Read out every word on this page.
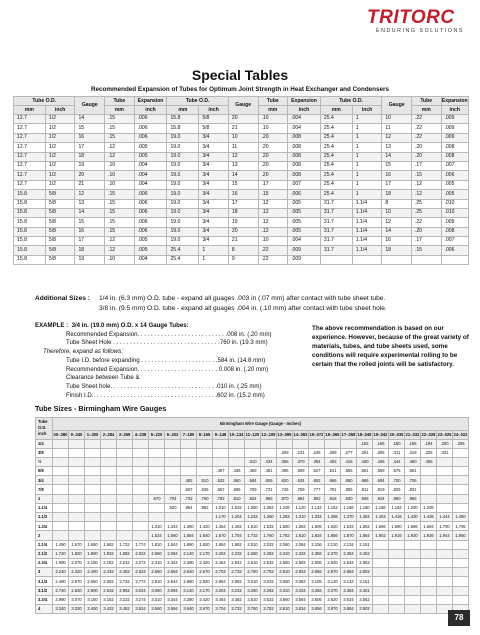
TRITORC
ENDURING SOLUTIONS
Special Tables
Recommended Expansion of Tubes for Optimum Joint Strength in Heat Exchanger and Condensers
Tube O.D.		Gauge	Tube	Expansion	Tube O.D.		Gauge	Tube	Expansion	Tube O.D.		Gauge	Tube	Expansion
mm	inch		mm	inch	mm	inch		mm	inch	mm	inch		mm	inch
12.7	1/2	14	.15	.006	15.8	5/8	20	.10	.004	25.4	1	10	.22	.009
12.7	1/2	15	.15	.006	15.8	5/8	21	.10	.004	25.4	1	11	.22	.009
12.7	1/2	16	.15	.006	19.0	3/4	10	.20	.008	25.4	1	12	.22	.009
12.7	1/2	17	.12	.005	19.0	3/4	11	.20	.008	25.4	1	13	.20	.008
12.7	1/2	18	.12	.005	19.0	3/4	12	.20	.008	25.4	1	14	.20	.008
12.7	1/2	19	.10	.004	19.0	3/4	13	.20	.008	25.4	1	15	.17	.007
12.7	1/2	20	.10	.004	19.0	3/4	14	.20	.008	25.4	1	16	.15	.006
12.7	1/2	21	.10	.004	19.0	3/4	15	.17	.007	25.4	1	17	.12	.005
15.8	5/8	12	.15	.006	19.0	3/4	16	.15	.006	25.4	1	18	.12	.005
15.8	5/8	13	.15	.006	19.0	3/4	17	.12	.005	31.7	1.1/4	8	.25	.010
15.8	5/8	14	.15	.006	19.0	3/4	18	.12	.005	31.7	1.1/4	10	.25	.010
15.8	5/8	15	.15	.006	19.0	3/4	19	.12	.005	31.7	1.1/4	12	.22	.009
15.8	5/8	16	.15	.006	19.0	3/4	20	.12	.005	31.7	1.1/4	14	.20	.008
15.8	5/8	17	.12	.005	19.0	3/4	21	.10	.004	31.7	1.1/4	16	.17	.007
15.8	5/8	18	.12	.005	25.4	1	8	.22	.009	31.7	1.1/4	18	.15	.006
15.8	5/8	19	.10	.004	25.4	1	9	.22	.009					
Additional Sizes : 1/4 in. (6.3 mm) O.D. tube - expand all guages .003 in (.07 mm) after contact with tube sheet tube.
3/8 in. (9.5 mm) O.D. tube - expand all guages .004 in. (.10 mm) after contact with tube sheet hole.
EXAMPLE : 3/4 in. (19.0 mm) O.D. x 14 Gauge Tubes:
Recommended Expansion. . . . . . . . . . . . . . . . . . . . . . . . . . .008 in. (.20 mm)
Tube Sheet Hole . . . . . . . . . . . . . . . . . . . . . . . . . . . . . . . .760 in. (19.3 mm)
Therefore, expand as follows:
Tube I.D. before expanding . . . . . . . . . . . . . . . . . . . . . . .584 in. (14.8 mm)
Recommended Expansion. . . . . . . . . . . . . . . . . . . . . . . . 0.008 in. (.20 mm)
Clearance between Tube &
Tube Sheet hole. . . . . . . . . . . . . . . . . . . . . . . . . . . . . . . .010 in. (.25 mm)
Finish I.D.. . . . . . . . . . . . . . . . . . . . . . . . . . . . . . . . . . . . .602 in. (15.2 mm)
The above recommendation is based on our experience. However, because of the great variety of materials, tubes, and tube sheets used, some conditions will require experimental rolling to be certain that the rolled joints will be satisfactory.
Tube Sizes - Birmingham Wire Gauges
Tube
O.D.
inch	Birmingham Wire Gauge (Gauge - Inches)																									
	00-.380	0-.340	1-.300	2-.284	3-.259	4-.238	5-.220	6-.203	7-.180	8-.165	9-.148	10-.134	11-.120	12-.109	13-.095	14-.083	15-.072	16-.065	17-.058	18-.049	19-.042	20-.035	21-.032	22-.028	23-.025	24-.022
1/4																				.152	.166	.180	.186	.194	.200	.206
3/8															.209	.231	.245	.259	.277	.291	.305	.311	.319	.325	.331	
½													.310	.334	.356	.370	.384	.402	.416	.430	.436	.444	.450	.456		
5/8											.407	.435	.459	.481	.495	.509	.527	.541	.555	.561	.569	.575	.581			
3/4									.482	.510	.532	.560	.584	.606	.620	.634	.652	.666	.680	.686	.694	.700	.706			
7/8									.607	.635	.657	.685	.709	.731	.745	.759	.777	.791	.805	.811	.819	.825	.831			
1							.670	.704	.732	.760	.782	.810	.834	.856	.870	.884	.902	.916	.930	.936	.944	.950	.956			
1.1/4								.920	.954	.982	1.010	1.032	1.060	1.084	1.106	1.120	1.134	1.152	1.166	1.180	1.186	1.194	1.200	1.206		
1.1/2											1.170	1.204	1.232	1.260	1.282	1.310	1.334	1.356	1.370	1.384	1.402	1.416	1.430	1.436	1.444	1.450
1.3/4							1.310	1.344	1.380	1.420	1.454	1.482	1.510	1.532	1.560	1.584	1.606	1.620	1.634	1.652	1.666	1.680	1.686	1.694	1.700	1.706
2							1.524	1.560	1.594	1.640	1.670	1.704	1.732	1.760	1.782	1.810	1.834	1.856	1.870	1.884	1.902	1.916	1.930	1.936	1.944	1.950
2.1/4	1.490	1.570	1.650	1.682	1.732	1.774	1.810	1.844	1.890	1.920	1.954	1.982	2.010	2.032	2.060	2.084	2.106	2.120	2.134	2.151						
2.1/2	1.740	1.820	1.900	1.932	1.982	2.024	2.060	2.094	2.140	2.170	2.204	2.232	2.260	2.282	2.310	2.334	2.356	2.370	2.384	2.402						
2.3/4	1.990	2.070	2.150	2.182	2.232	2.274	2.310	2.344	2.390	2.420	2.454	2.842	2.510	2.532	2.560	2.584	2.606	2.620	2.634	2.652						
3	2.240	2.320	2.400	2.432	2.482	2.524	2.560	2.594	2.640	2.670	2.704	2.732	2.760	2.782	2.810	2.834	2.856	2.870	2.884	2.902						
3.1/4	2.490	2.570	2.650	2.682	2.732	2.774	2.810	2.844	2.890	2.920	2.954	2.982	3.010	3.032	3.060	3.084	3.105	3.120	3.134	3.151						
3.1/2	2.740	2.820	2.900	2.932	2.982	3.024	3.060	3.094	3.140	3.170	3.204	3.232	3.260	3.282	3.310	3.334	3.356	3.370	3.384	3.401						
3.3/4	2.990	3.070	3.150	3.182	3.232	3.274	3.310	3.344	3.390	3.420	3.454	3.482	3.510	3.532	3.560	3.584	3.606	3.620	3.634	3.652						
4	3.240	3.320	3.400	3.432	3.482	3.524	3.560	3.594	3.640	3.670	3.704	3.732	3.760	3.782	3.810	3.834	3.856	3.870	3.884	3.902						
78
